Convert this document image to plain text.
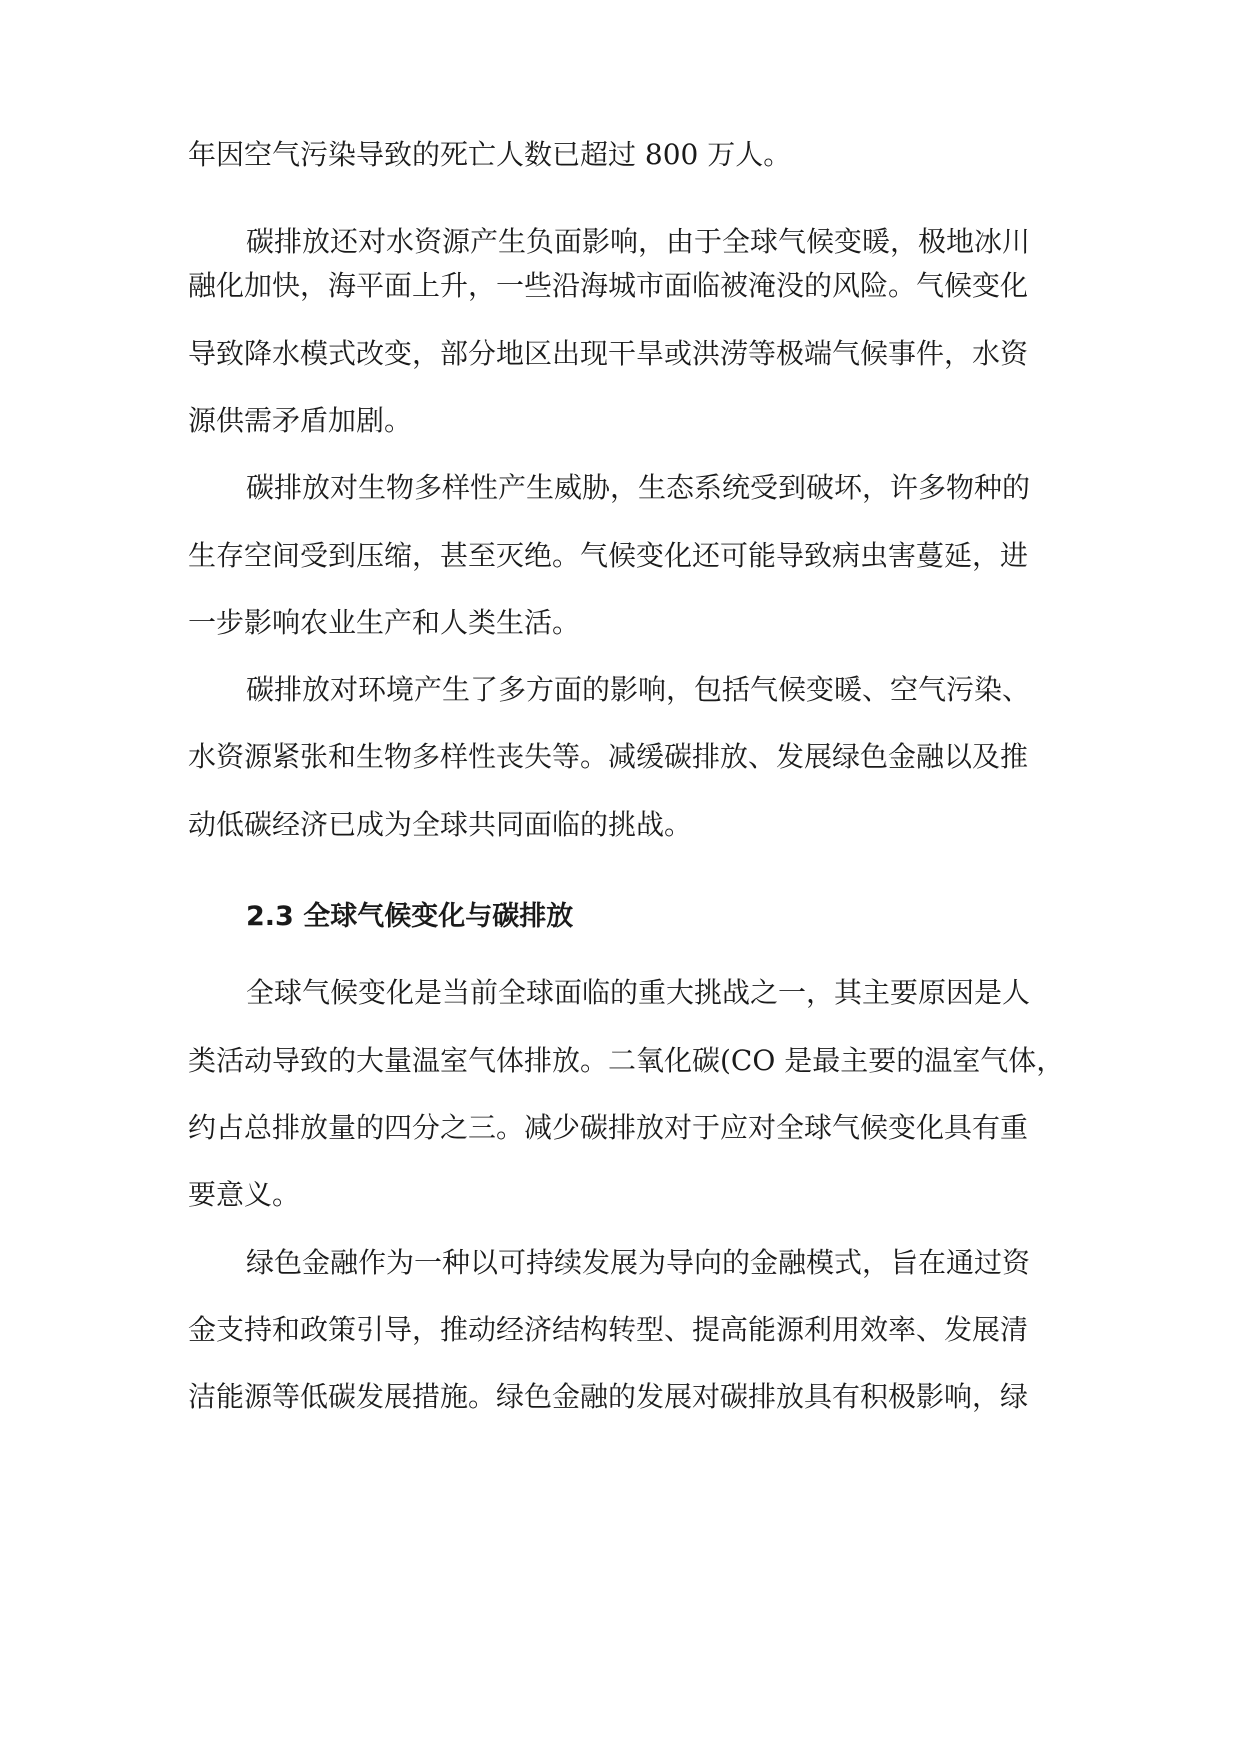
年因空气污染导致的死亡人数已超过 800 万人。
碳排放还对水资源产生负面影响，由于全球气候变暖，极地冰川
融化加快，海平面上升，一些沿海城市面临被淹没的风险。气候变化
导致降水模式改变，部分地区出现干旱或洪涝等极端气候事件，水资
源供需矛盾加剧。
碳排放对生物多样性产生威胁，生态系统受到破坏，许多物种的
生存空间受到压缩，甚至灭绝。气候变化还可能导致病虫害蔓延，进
一步影响农业生产和人类生活。
碳排放对环境产生了多方面的影响，包括气候变暖、空气污染、
水资源紧张和生物多样性丧失等。减缓碳排放、发展绿色金融以及推
动低碳经济已成为全球共同面临的挑战。
2.3 全球气候变化与碳排放
全球气候变化是当前全球面临的重大挑战之一，其主要原因是人
类活动导致的大量温室气体排放。二氧化碳(CO 是最主要的温室气体，
约占总排放量的四分之三。减少碳排放对于应对全球气候变化具有重
要意义。
绿色金融作为一种以可持续发展为导向的金融模式，旨在通过资
金支持和政策引导，推动经济结构转型、提高能源利用效率、发展清
洁能源等低碳发展措施。绿色金融的发展对碳排放具有积极影响，绿
